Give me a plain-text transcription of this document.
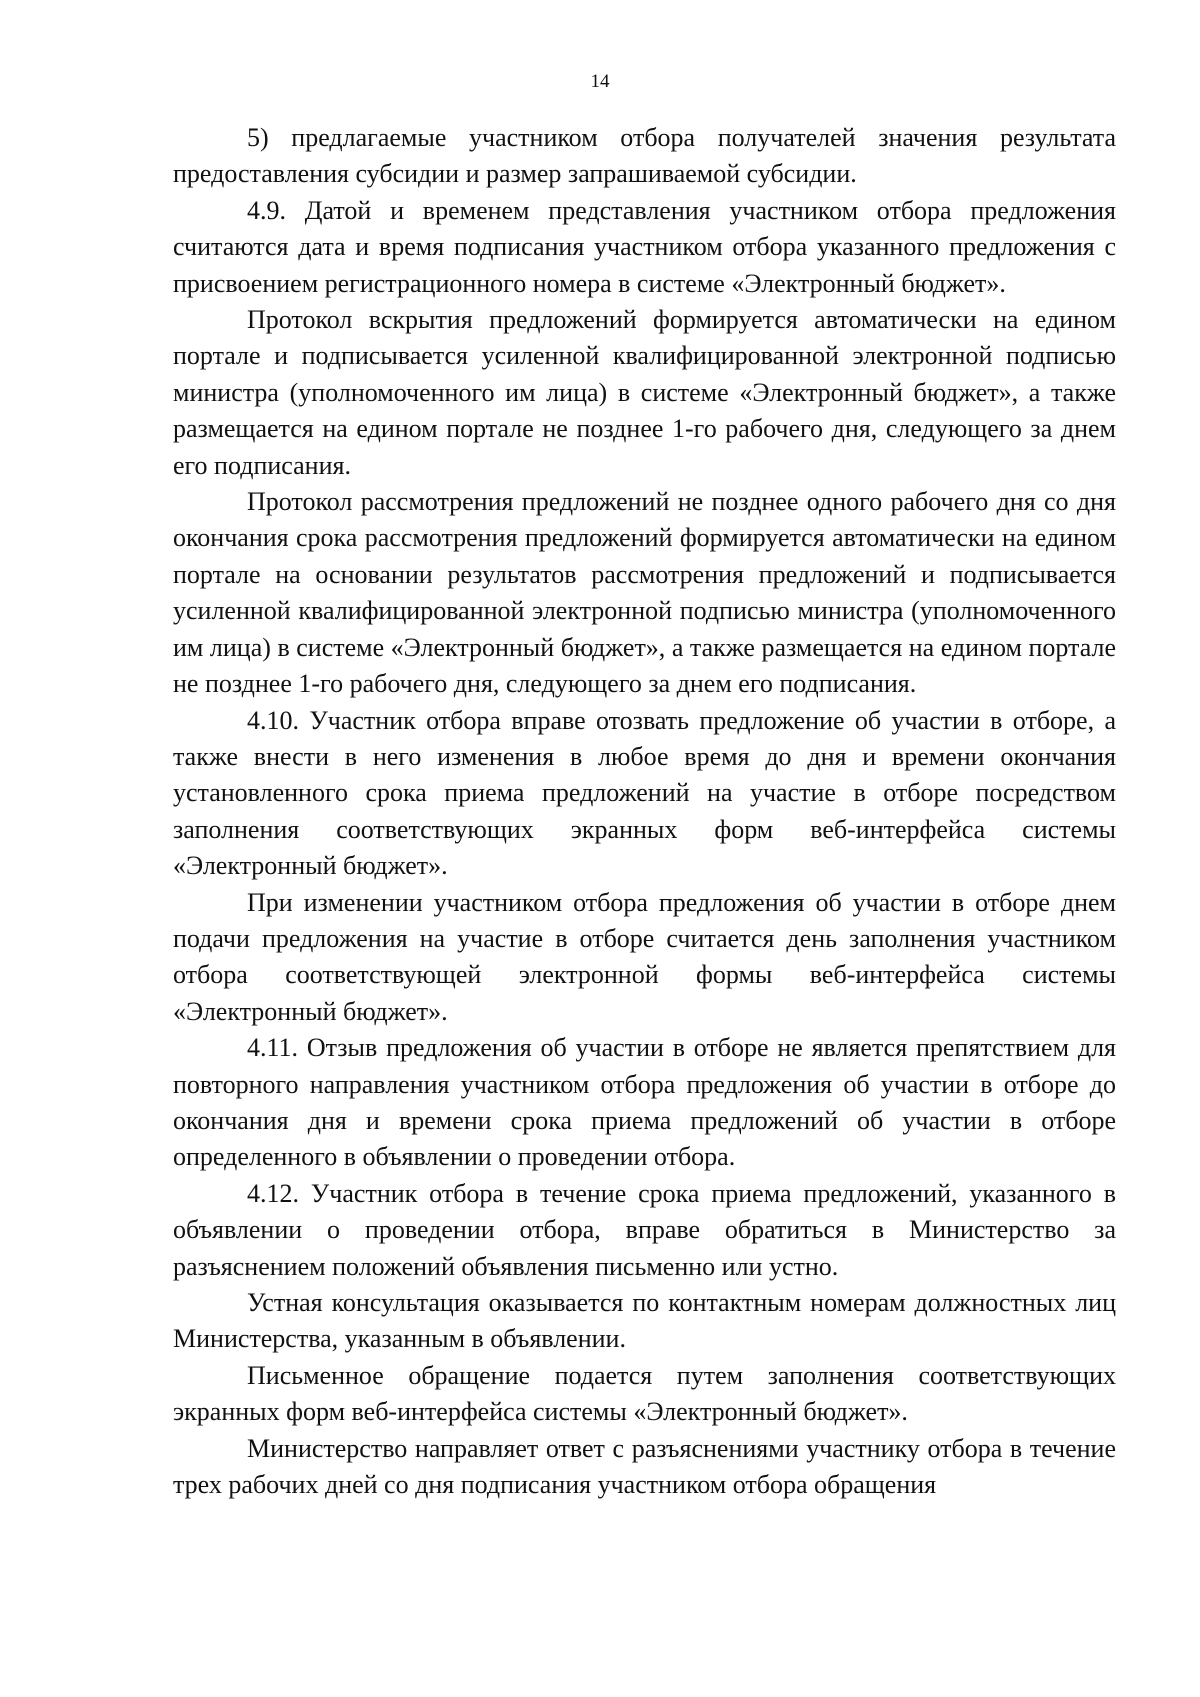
14

5) предлагаемые участником отбора получателей значения результата предоставления субсидии и размер запрашиваемой субсидии.

4.9. Датой и временем представления участником отбора предложения считаются дата и время подписания участником отбора указанного предложения с присвоением регистрационного номера в системе «Электронный бюджет».

Протокол вскрытия предложений формируется автоматически на едином портале и подписывается усиленной квалифицированной электронной подписью министра (уполномоченного им лица) в системе «Электронный бюджет», а также размещается на едином портале не позднее 1-го рабочего дня, следующего за днем его подписания.

Протокол рассмотрения предложений не позднее одного рабочего дня со дня окончания срока рассмотрения предложений формируется автоматически на едином портале на основании результатов рассмотрения предложений и подписывается усиленной квалифицированной электронной подписью министра (уполномоченного им лица) в системе «Электронный бюджет», а также размещается на едином портале не позднее 1-го рабочего дня, следующего за днем его подписания.

4.10. Участник отбора вправе отозвать предложение об участии в отборе, а также внести в него изменения в любое время до дня и времени окончания установленного срока приема предложений на участие в отборе посредством заполнения соответствующих экранных форм веб-интерфейса системы «Электронный бюджет».

При изменении участником отбора предложения об участии в отборе днем подачи предложения на участие в отборе считается день заполнения участником отбора соответствующей электронной формы веб-интерфейса системы «Электронный бюджет».

4.11. Отзыв предложения об участии в отборе не является препятствием для повторного направления участником отбора предложения об участии в отборе до окончания дня и времени срока приема предложений об участии в отборе определенного в объявлении о проведении отбора.

4.12. Участник отбора в течение срока приема предложений, указанного в объявлении о проведении отбора, вправе обратиться в Министерство за разъяснением положений объявления письменно или устно.

Устная консультация оказывается по контактным номерам должностных лиц Министерства, указанным в объявлении.

Письменное обращение подается путем заполнения соответствующих экранных форм веб-интерфейса системы «Электронный бюджет».

Министерство направляет ответ с разъяснениями участнику отбора в течение трех рабочих дней со дня подписания участником отбора обращения
